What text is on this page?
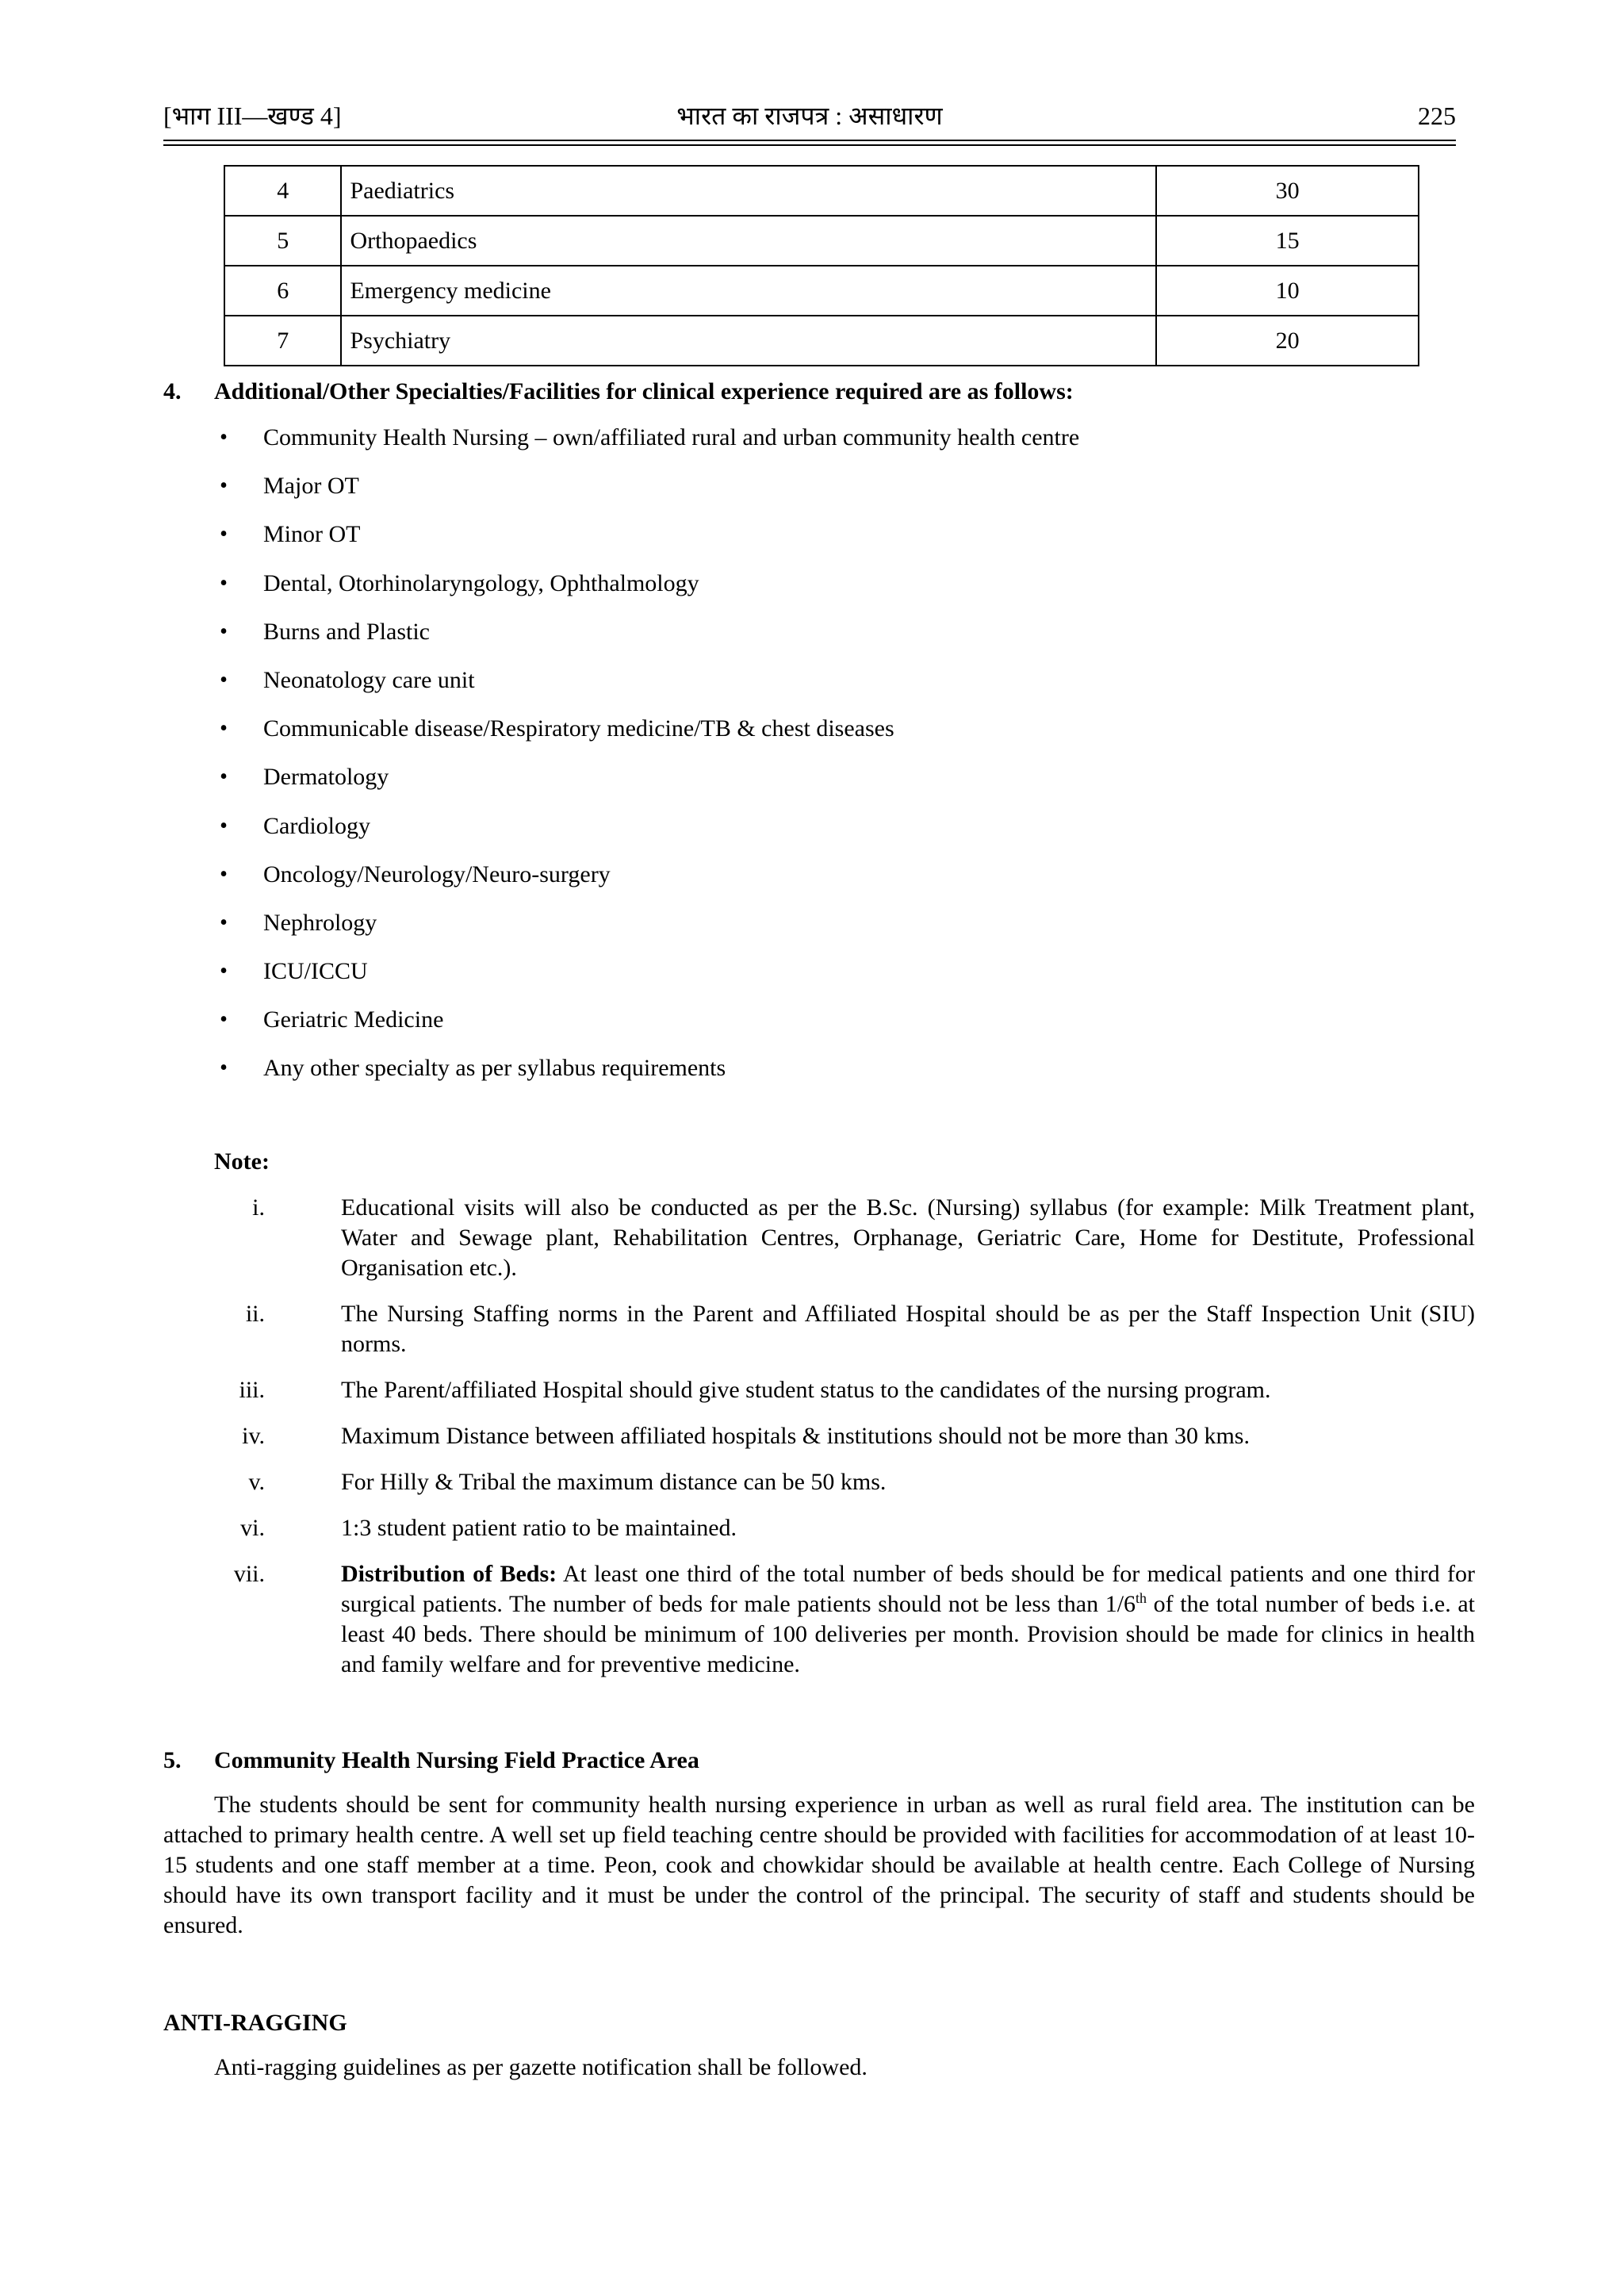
[भाग III—खण्ड 4]	भारत का राजपत्र : असाधारण	225
4	Paediatrics	30
5	Orthopaedics	15
6	Emergency medicine	10
7	Psychiatry	20
4. Additional/Other Specialties/Facilities for clinical experience required are as follows:
• Community Health Nursing – own/affiliated rural and urban community health centre
• Major OT
• Minor OT
• Dental, Otorhinolaryngology, Ophthalmology
• Burns and Plastic
• Neonatology care unit
• Communicable disease/Respiratory medicine/TB & chest diseases
• Dermatology
• Cardiology
• Oncology/Neurology/Neuro-surgery
• Nephrology
• ICU/ICCU
• Geriatric Medicine
• Any other specialty as per syllabus requirements
Note:
i.	Educational visits will also be conducted as per the B.Sc. (Nursing) syllabus (for example: Milk Treatment plant, Water and Sewage plant, Rehabilitation Centres, Orphanage, Geriatric Care, Home for Destitute, Professional Organisation etc.).
ii.	The Nursing Staffing norms in the Parent and Affiliated Hospital should be as per the Staff Inspection Unit (SIU) norms.
iii.	The Parent/affiliated Hospital should give student status to the candidates of the nursing program.
iv.	Maximum Distance between affiliated hospitals & institutions should not be more than 30 kms.
v.	For Hilly & Tribal the maximum distance can be 50 kms.
vi.	1:3 student patient ratio to be maintained.
vii.	Distribution of Beds: At least one third of the total number of beds should be for medical patients and one third for surgical patients. The number of beds for male patients should not be less than 1/6th of the total number of beds i.e. at least 40 beds. There should be minimum of 100 deliveries per month. Provision should be made for clinics in health and family welfare and for preventive medicine.
5. Community Health Nursing Field Practice Area
The students should be sent for community health nursing experience in urban as well as rural field area. The institution can be attached to primary health centre. A well set up field teaching centre should be provided with facilities for accommodation of at least 10-15 students and one staff member at a time. Peon, cook and chowkidar should be available at health centre. Each College of Nursing should have its own transport facility and it must be under the control of the principal. The security of staff and students should be ensured.
ANTI-RAGGING
Anti-ragging guidelines as per gazette notification shall be followed.
